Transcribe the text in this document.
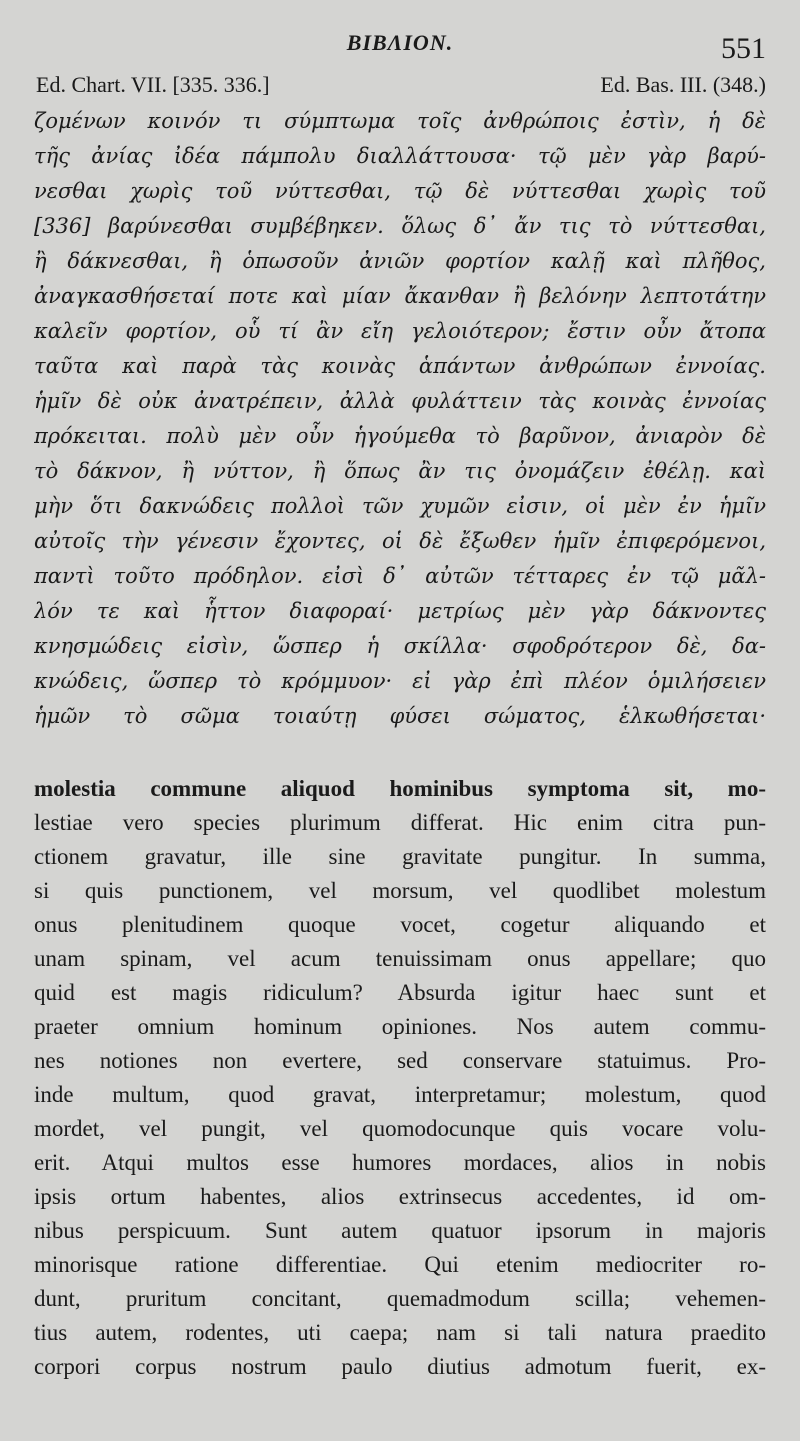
BIBΛION.	551
Ed. Chart. VII. [335. 336.]	Ed. Bas. III. (348.)
ζομένων κοινόν τι σύμπτωμα τοῖς ἀνθρώποις ἐστὶν, ἡ δὲ
τῆς ἀνίας ἰδέα πάμπολυ διαλλάττουσα· τῷ μὲν γὰρ βαρύ-
νεσθαι χωρὶς τοῦ νύττεσθαι, τῷ δὲ νύττεσθαι χωρὶς τοῦ
[336] βαρύνεσθαι συμβέβηκεν. ὅλως δ᾽ ἄν τις τὸ νύττεσθαι,
ἢ δάκνεσθαι, ἢ ὁπωσοῦν ἀνιῶν φορτίον καλῇ καὶ πλῆθος,
ἀναγκασθήσεταί ποτε καὶ μίαν ἄκανθαν ἢ βελόνην λεπτοτάτην
καλεῖν φορτίον, οὗ τί ἂν εἴη γελοιότερον; ἔστιν οὖν ἄτοπα
ταῦτα καὶ παρὰ τὰς κοινὰς ἁπάντων ἀνθρώπων ἐννοίας.
ἡμῖν δὲ οὐκ ἀνατρέπειν, ἀλλὰ φυλάττειν τὰς κοινὰς ἐννοίας
πρόκειται. πολὺ μὲν οὖν ἡγούμεθα τὸ βαρῦνον, ἀνιαρὸν δὲ
τὸ δάκνον, ἢ νύττον, ἢ ὅπως ἂν τις ὀνομάζειν ἐθέλῃ. καὶ
μὴν ὅτι δακνώδεις πολλοὶ τῶν χυμῶν εἰσιν, οἱ μὲν ἐν ἡμῖν
αὐτοῖς τὴν γένεσιν ἔχοντες, οἱ δὲ ἔξωθεν ἡμῖν ἐπιφερόμενοι,
παντὶ τοῦτο πρόδηλον. εἰσὶ δ᾽ αὐτῶν τέτταρες ἐν τῷ μᾶλ-
λόν τε καὶ ἧττον διαφοραί· μετρίως μὲν γὰρ δάκνοντες
κνησμώδεις εἰσὶν, ὥσπερ ἡ σκίλλα· σφοδρότερον δὲ, δα-
κνώδεις, ὥσπερ τὸ κρόμμυον· εἰ γὰρ ἐπὶ πλέον ὁμιλήσειεν
ἡμῶν τὸ σῶμα τοιαύτῃ φύσει σώματος, ἑλκωθήσεται·
molestia commune aliquod hominibus symptoma sit, mo-
lestiae vero species plurimum differat. Hic enim citra pun-
ctionem gravatur, ille sine gravitate pungitur. In summa,
si quis punctionem, vel morsum, vel quodlibet molestum
onus plenitudinem quoque vocet, cogetur aliquando et
unam spinam, vel acum tenuissimam onus appellare; quo
quid est magis ridiculum? Absurda igitur haec sunt et
praeter omnium hominum opiniones. Nos autem commu-
nes notiones non evertere, sed conservare statuimus. Pro-
inde multum, quod gravat, interpretamur; molestum, quod
mordet, vel pungit, vel quomodocunque quis vocare volu-
erit. Atqui multos esse humores mordaces, alios in nobis
ipsis ortum habentes, alios extrinsecus accedentes, id om-
nibus perspicuum. Sunt autem quatuor ipsorum in majoris
minorisque ratione differentiae. Qui etenim mediocriter ro-
dunt, pruritum concitant, quemadmodum scilla; vehemen-
tius autem, rodentes, uti caepa; nam si tali natura praedito
corpori corpus nostrum paulo diutius admotum fuerit, ex-
